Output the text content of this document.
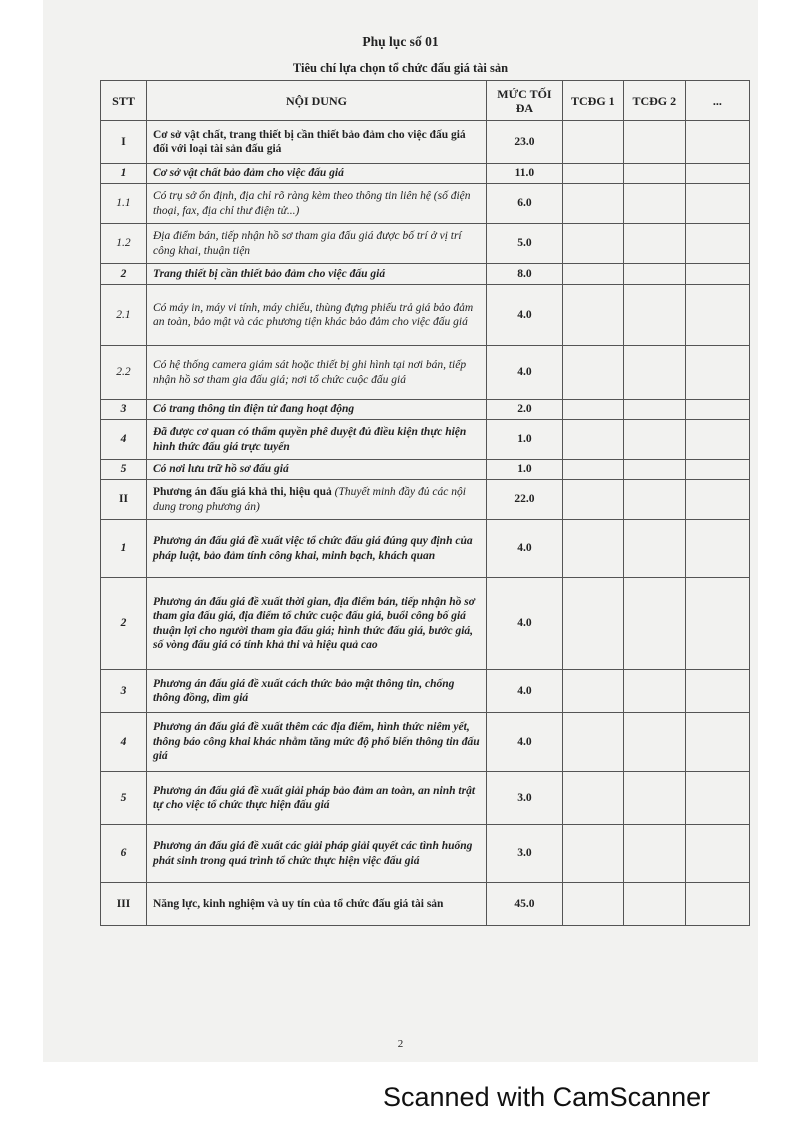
Phụ lục số 01
Tiêu chí lựa chọn tổ chức đấu giá tài sản
STT	NỘI DUNG	MỨC TỐI ĐA	TCĐG 1	TCĐG 2	...
I	Cơ sở vật chất, trang thiết bị cần thiết bảo đảm cho việc đấu giá đối với loại tài sản đấu giá	23.0			
1	Cơ sở vật chất bảo đảm cho việc đấu giá	11.0			
1.1	Có trụ sở ổn định, địa chỉ rõ ràng kèm theo thông tin liên hệ (số điện thoại, fax, địa chỉ thư điện tử...)	6.0			
1.2	Địa điểm bán, tiếp nhận hồ sơ tham gia đấu giá được bố trí ở vị trí công khai, thuận tiện	5.0			
2	Trang thiết bị cần thiết bảo đảm cho việc đấu giá	8.0			
2.1	Có máy in, máy vi tính, máy chiếu, thùng đựng phiếu trả giá bảo đảm an toàn, bảo mật và các phương tiện khác bảo đảm cho việc đấu giá	4.0			
2.2	Có hệ thống camera giám sát hoặc thiết bị ghi hình tại nơi bán, tiếp nhận hồ sơ tham gia đấu giá; nơi tổ chức cuộc đấu giá	4.0			
3	Có trang thông tin điện tử đang hoạt động	2.0			
4	Đã được cơ quan có thẩm quyền phê duyệt đủ điều kiện thực hiện hình thức đấu giá trực tuyến	1.0			
5	Có nơi lưu trữ hồ sơ đấu giá	1.0			
II	Phương án đấu giá khả thi, hiệu quả (Thuyết minh đầy đủ các nội dung trong phương án)	22.0			
1	Phương án đấu giá đề xuất việc tổ chức đấu giá đúng quy định của pháp luật, bảo đảm tính công khai, minh bạch, khách quan	4.0			
2	Phương án đấu giá đề xuất thời gian, địa điểm bán, tiếp nhận hồ sơ tham gia đấu giá, địa điểm tổ chức cuộc đấu giá, buổi công bố giá thuận lợi cho người tham gia đấu giá; hình thức đấu giá, bước giá, số vòng đấu giá có tính khả thi và hiệu quả cao	4.0			
3	Phương án đấu giá đề xuất cách thức bảo mật thông tin, chống thông đồng, dìm giá	4.0			
4	Phương án đấu giá đề xuất thêm các địa điểm, hình thức niêm yết, thông báo công khai khác nhằm tăng mức độ phổ biến thông tin đấu giá	4.0			
5	Phương án đấu giá đề xuất giải pháp bảo đảm an toàn, an ninh trật tự cho việc tổ chức thực hiện đấu giá	3.0			
6	Phương án đấu giá đề xuất các giải pháp giải quyết các tình huống phát sinh trong quá trình tổ chức thực hiện việc đấu giá	3.0			
III	Năng lực, kinh nghiệm và uy tín của tổ chức đấu giá tài sản	45.0			
2
Scanned with CamScanner
